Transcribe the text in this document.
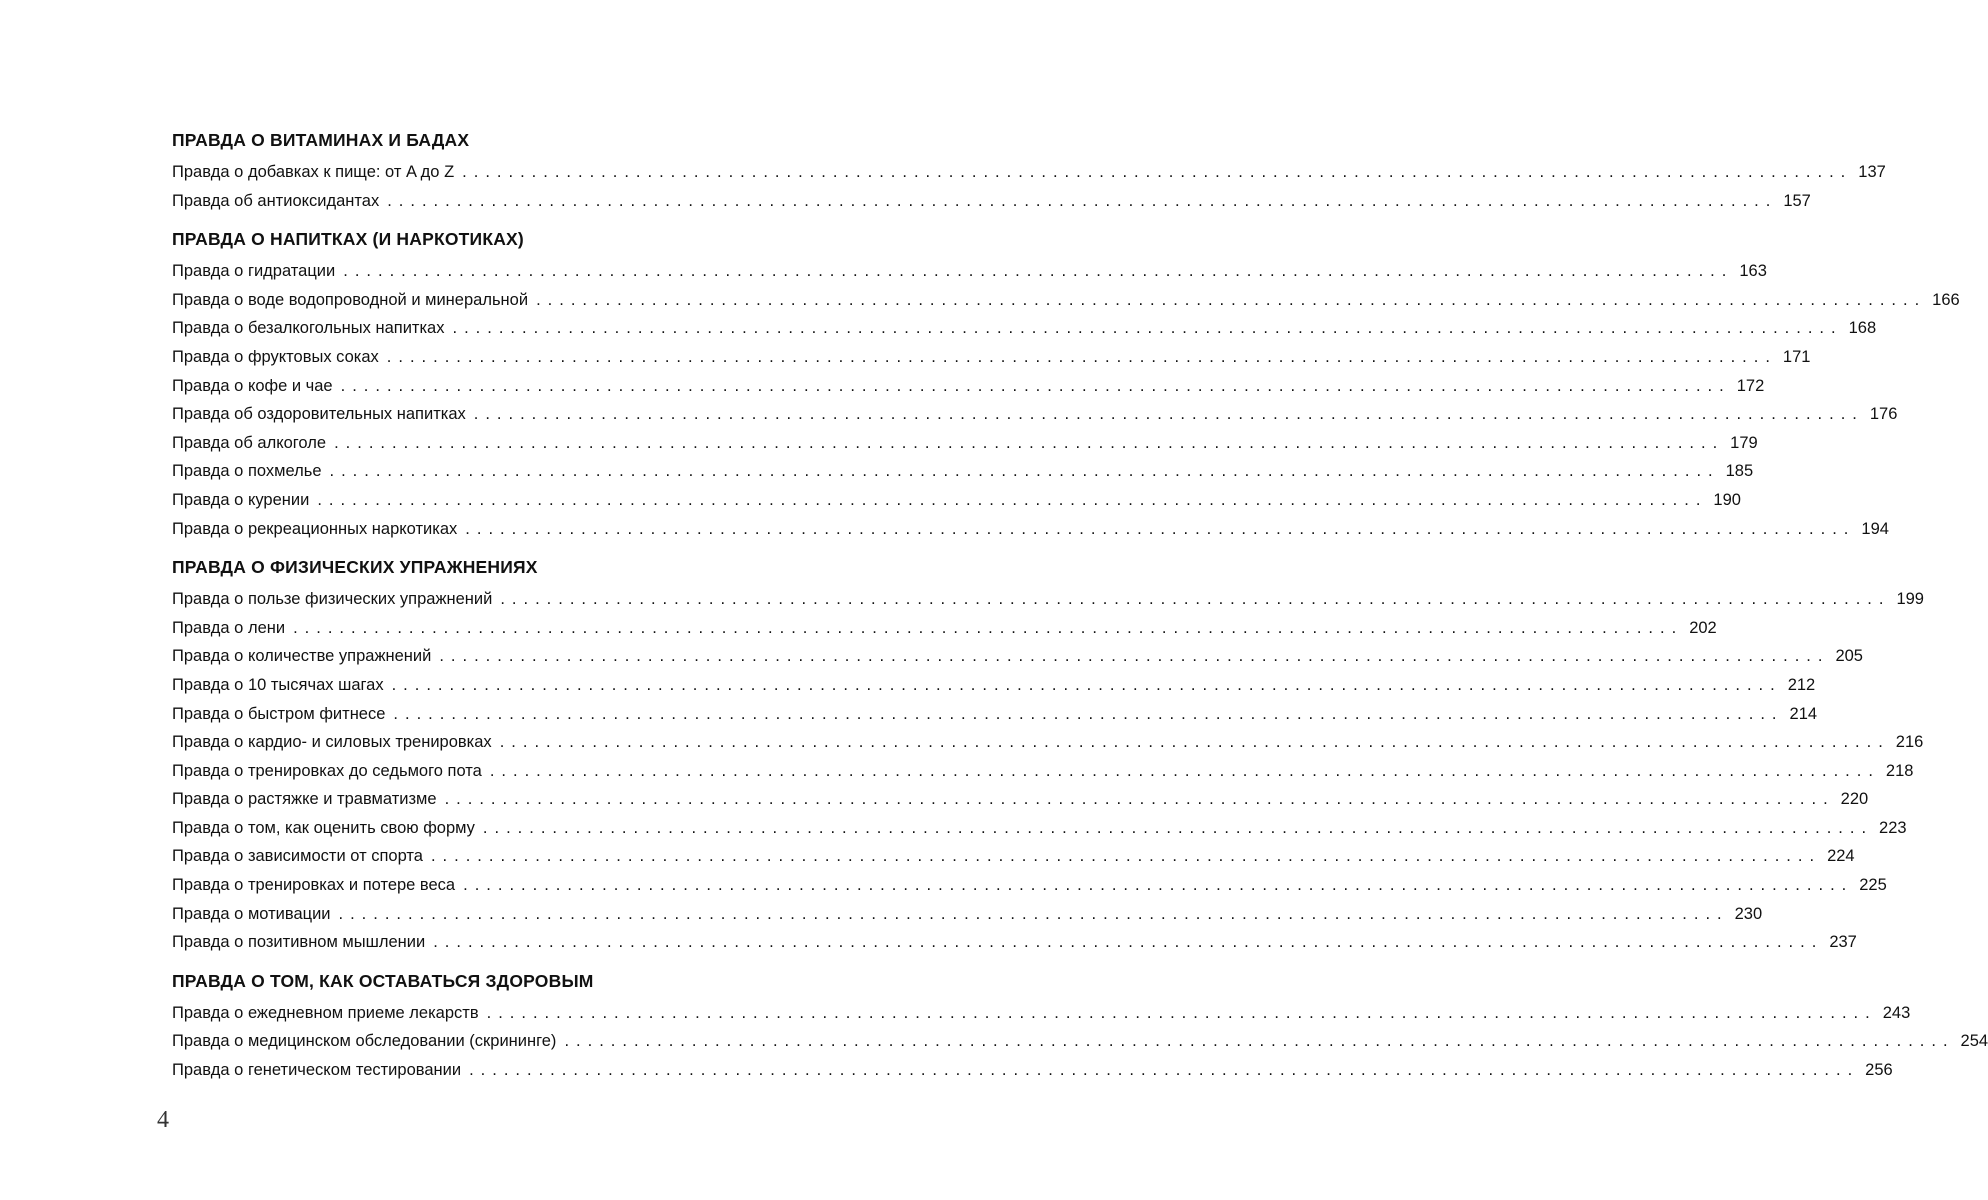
ПРАВДА О ВИТАМИНАХ И БАДАХ
Правда о добавках к пище: от A до Z ........................................................................................................................ 137
Правда об антиоксидантах ........................................................................................................................ 157
ПРАВДА О НАПИТКАХ (И НАРКОТИКАХ)
Правда о гидратации ........................................................................................................................ 163
Правда о воде водопроводной и минеральной ........................................................................................................................ 166
Правда о безалкогольных напитках ........................................................................................................................ 168
Правда о фруктовых соках ........................................................................................................................ 171
Правда о кофе и чае ........................................................................................................................ 172
Правда об оздоровительных напитках ........................................................................................................................ 176
Правда об алкоголе ........................................................................................................................ 179
Правда о похмелье ........................................................................................................................ 185
Правда о курении ........................................................................................................................ 190
Правда о рекреационных наркотиках ........................................................................................................................ 194
ПРАВДА О ФИЗИЧЕСКИХ УПРАЖНЕНИЯХ
Правда о пользе физических упражнений ........................................................................................................................ 199
Правда о лени ........................................................................................................................ 202
Правда о количестве упражнений ........................................................................................................................ 205
Правда о 10 тысячах шагах ........................................................................................................................ 212
Правда о быстром фитнесе ........................................................................................................................ 214
Правда о кардио- и силовых тренировках ........................................................................................................................ 216
Правда о тренировках до седьмого пота ........................................................................................................................ 218
Правда о растяжке и травматизме ........................................................................................................................ 220
Правда о том, как оценить свою форму ........................................................................................................................ 223
Правда о зависимости от спорта ........................................................................................................................ 224
Правда о тренировках и потере веса ........................................................................................................................ 225
Правда о мотивации ........................................................................................................................ 230
Правда о позитивном мышлении ........................................................................................................................ 237
ПРАВДА О ТОМ, КАК ОСТАВАТЬСЯ ЗДОРОВЫМ
Правда о ежедневном приеме лекарств ........................................................................................................................ 243
Правда о медицинском обследовании (скрининге) ........................................................................................................................ 254
Правда о генетическом тестировании ........................................................................................................................ 256
4
